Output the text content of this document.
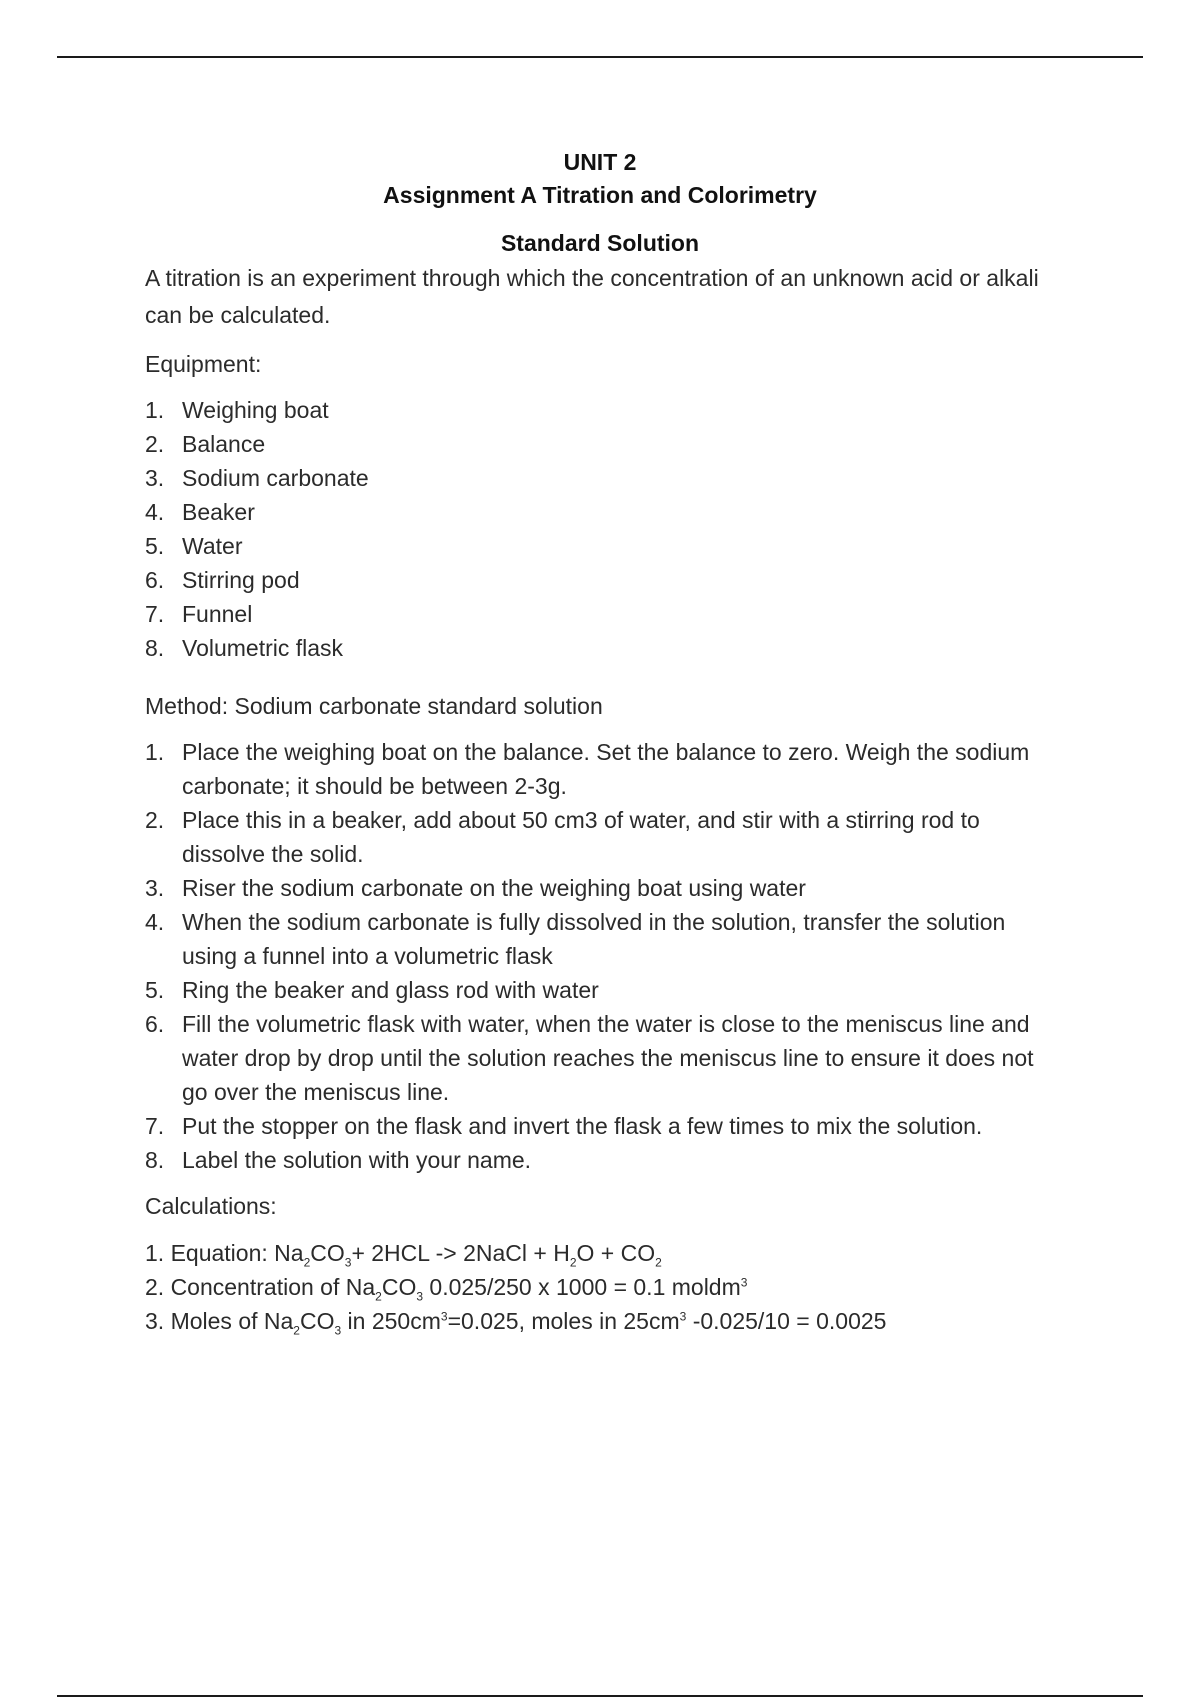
UNIT 2
Assignment A Titration and Colorimetry
Standard Solution

A titration is an experiment through which the concentration of an unknown acid or alkali can be calculated.

Equipment:

1. Weighing boat
2. Balance
3. Sodium carbonate
4. Beaker
5. Water
6. Stirring pod
7. Funnel
8. Volumetric flask

Method: Sodium carbonate standard solution

1. Place the weighing boat on the balance. Set the balance to zero. Weigh the sodium carbonate; it should be between 2-3g.
2. Place this in a beaker, add about 50 cm3 of water, and stir with a stirring rod to dissolve the solid.
3. Riser the sodium carbonate on the weighing boat using water
4. When the sodium carbonate is fully dissolved in the solution, transfer the solution using a funnel into a volumetric flask
5. Ring the beaker and glass rod with water
6. Fill the volumetric flask with water, when the water is close to the meniscus line and water drop by drop until the solution reaches the meniscus line to ensure it does not go over the meniscus line.
7. Put the stopper on the flask and invert the flask a few times to mix the solution.
8. Label the solution with your name.

Calculations:

1. Equation: $Na_2CO_3+ 2HCL$ -> 2NaCl + $H_2O + CO_2$
2. Concentration of $Na_2CO_3$ 0.025/250 x 1000 = 0.1 moldm$^3$
3. Moles of $Na_2CO_3$ in $250cm^3=0.025$, moles in $25cm^3$ -0.025/10 = 0.0025
